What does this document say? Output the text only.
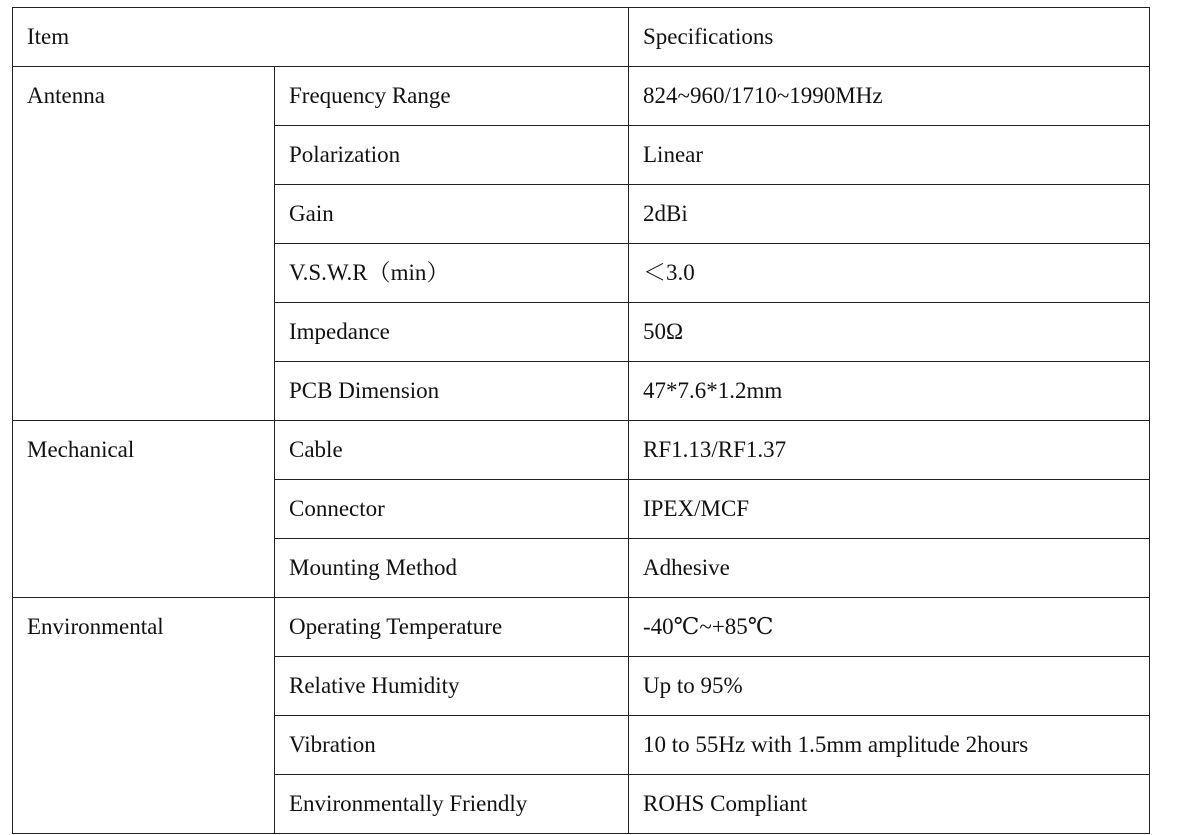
Item		Specifications
Antenna	Frequency Range	824~960/1710~1990MHz
	Polarization	Linear
	Gain	2dBi
	V.S.W.R（min）	＜3.0
	Impedance	50Ω
	PCB Dimension	47*7.6*1.2mm
Mechanical	Cable	RF1.13/RF1.37
	Connector	IPEX/MCF
	Mounting Method	Adhesive
Environmental	Operating Temperature	-40℃~+85℃
	Relative Humidity	Up to 95%
	Vibration	10 to 55Hz with 1.5mm amplitude 2hours
	Environmentally Friendly	ROHS Compliant
